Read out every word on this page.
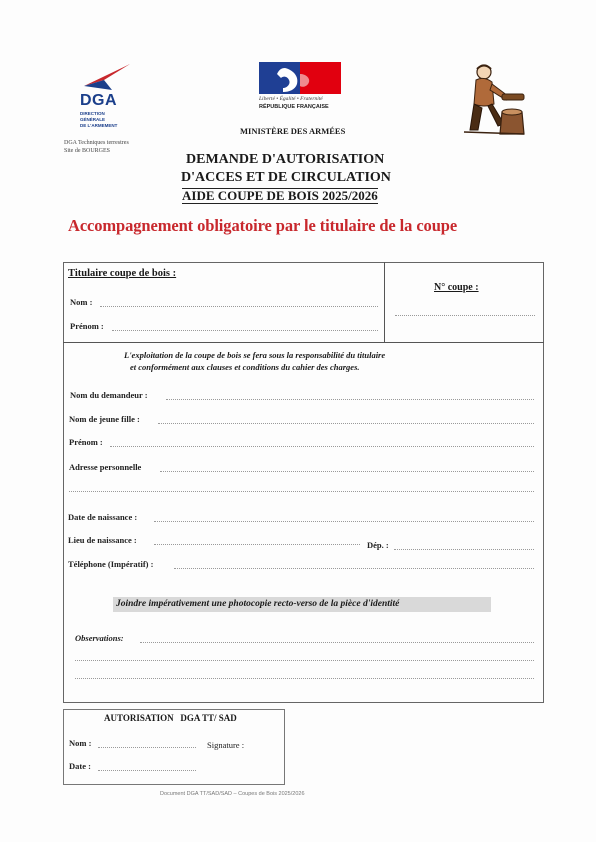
DGA
DIRECTION
GÉNÉRALE
DE L'ARMEMENT
DGA Techniques terrestres
Site de BOURGES
Liberté • Égalité • Fraternité
RÉPUBLIQUE FRANÇAISE
MINISTÈRE DES ARMÉES
DEMANDE D'AUTORISATION
D'ACCES ET DE CIRCULATION
AIDE COUPE DE BOIS 2025/2026
Accompagnement obligatoire par le titulaire de la coupe
Titulaire coupe de bois :
N° coupe :
Nom :
Prénom :
L'exploitation de la coupe de bois se fera sous la responsabilité du titulaire
et conformément aux clauses et conditions du cahier des charges.
Nom du demandeur :
Nom de jeune fille :
Prénom :
Adresse personnelle
Date de naissance :
Lieu de naissance :	Dép. :
Téléphone (Impératif) :
Joindre impérativement une photocopie recto-verso de la pièce d'identité
Observations:
AUTORISATION   DGA TT/ SAD
Nom :	Signature :
Date :
Document DGA TT/SAD/SAD – Coupes de Bois 2025/2026
